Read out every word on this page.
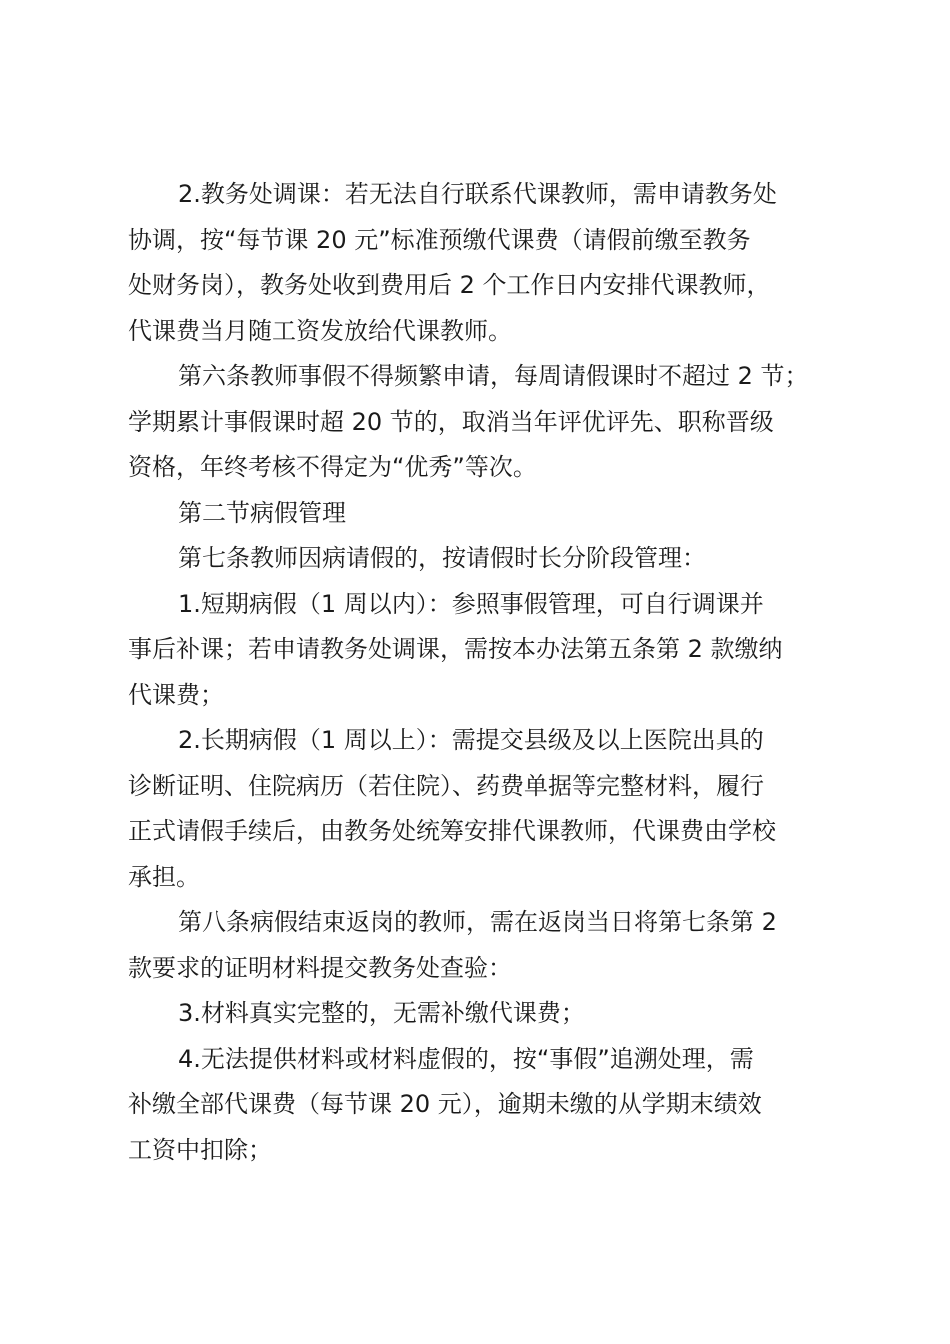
2.教务处调课：若无法自行联系代课教师，需申请教务处
协调，按“每节课 20 元”标准预缴代课费（请假前缴至教务
处财务岗），教务处收到费用后 2 个工作日内安排代课教师，
代课费当月随工资发放给代课教师。
第六条教师事假不得频繁申请，每周请假课时不超过 2 节；
学期累计事假课时超 20 节的，取消当年评优评先、职称晋级
资格，年终考核不得定为“优秀”等次。
第二节病假管理
第七条教师因病请假的，按请假时长分阶段管理：
1.短期病假（1 周以内）：参照事假管理，可自行调课并
事后补课；若申请教务处调课，需按本办法第五条第 2 款缴纳
代课费；
2.长期病假（1 周以上）：需提交县级及以上医院出具的
诊断证明、住院病历（若住院）、药费单据等完整材料，履行
正式请假手续后，由教务处统筹安排代课教师，代课费由学校
承担。
第八条病假结束返岗的教师，需在返岗当日将第七条第 2
款要求的证明材料提交教务处查验：
3.材料真实完整的，无需补缴代课费；
4.无法提供材料或材料虚假的，按“事假”追溯处理，需
补缴全部代课费（每节课 20 元），逾期未缴的从学期末绩效
工资中扣除；
